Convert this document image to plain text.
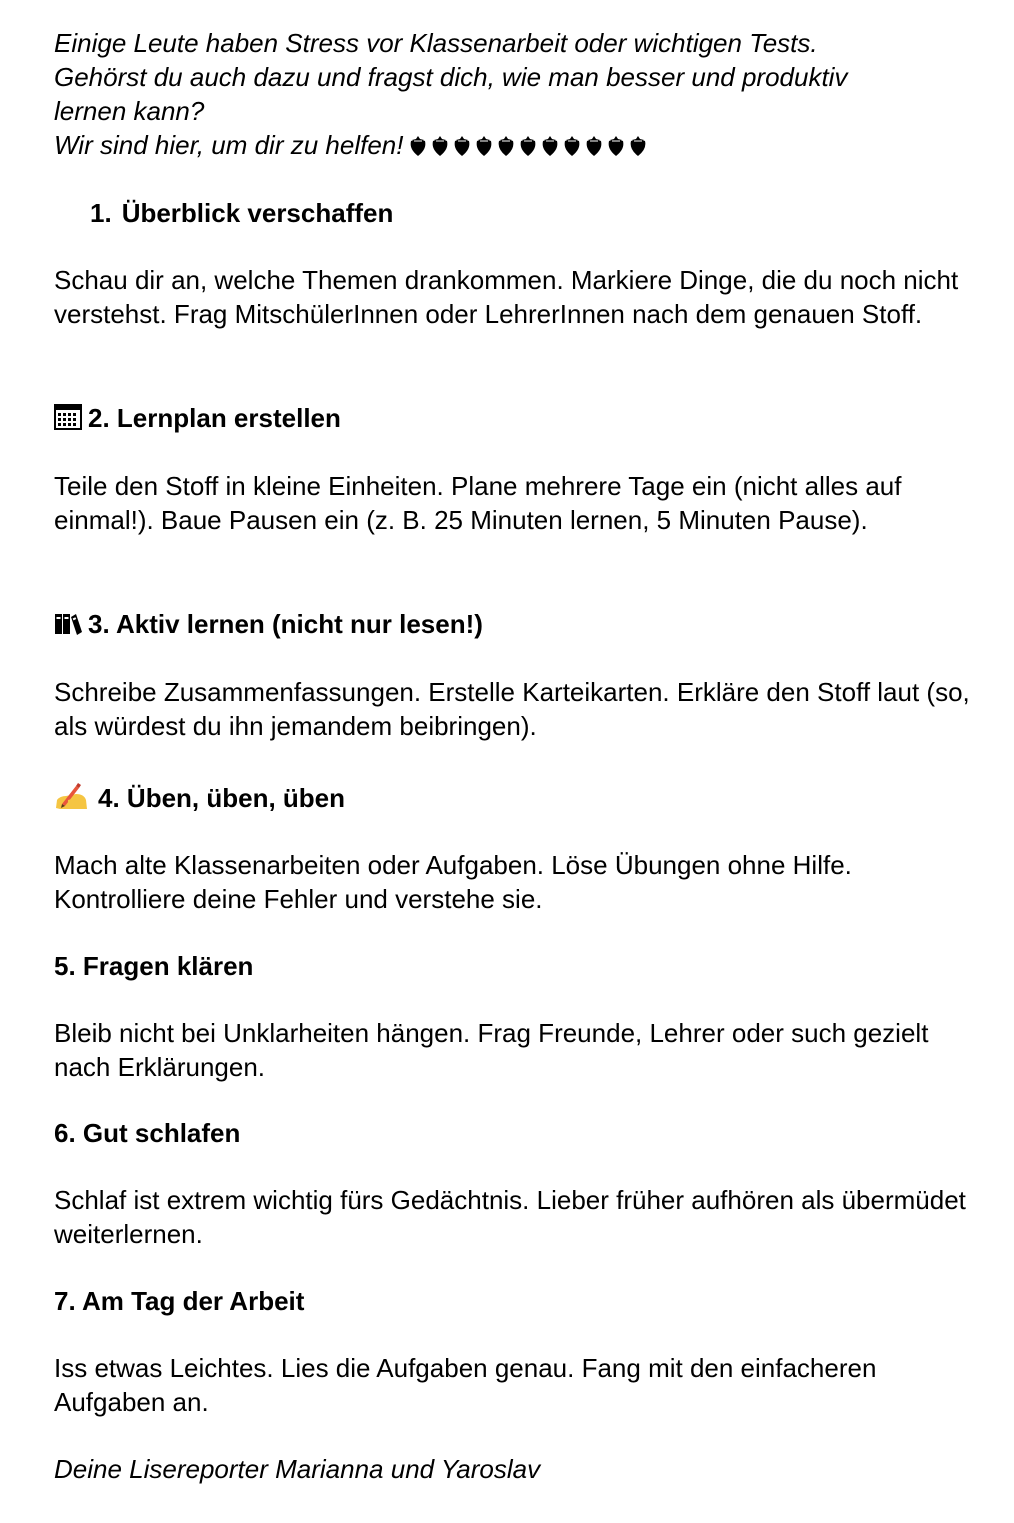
Einige Leute haben Stress vor Klassenarbeit oder wichtigen Tests.

Gehörst du auch dazu und fragst dich, wie man besser und produktiv

lernen kann?

Wir sind hier, um dir zu helfen!

1. Überblick verschaffen

Schau dir an, welche Themen drankommen. Markiere Dinge, die du noch nicht verstehst. Frag MitschülerInnen oder LehrerInnen nach dem genauen Stoff.

2. Lernplan erstellen

Teile den Stoff in kleine Einheiten. Plane mehrere Tage ein (nicht alles auf einmal!). Baue Pausen ein (z. B. 25 Minuten lernen, 5 Minuten Pause).

3. Aktiv lernen (nicht nur lesen!)

Schreibe Zusammenfassungen. Erstelle Karteikarten. Erkläre den Stoff laut (so, als würdest du ihn jemandem beibringen).

4. Üben, üben, üben

Mach alte Klassenarbeiten oder Aufgaben. Löse Übungen ohne Hilfe. Kontrolliere deine Fehler und verstehe sie.

5. Fragen klären

Bleib nicht bei Unklarheiten hängen. Frag Freunde, Lehrer oder such gezielt nach Erklärungen.

6. Gut schlafen

Schlaf ist extrem wichtig fürs Gedächtnis. Lieber früher aufhören als übermüdet weiterlernen.

7. Am Tag der Arbeit

Iss etwas Leichtes. Lies die Aufgaben genau. Fang mit den einfacheren Aufgaben an.

Deine Lisereporter Marianna und Yaroslav
